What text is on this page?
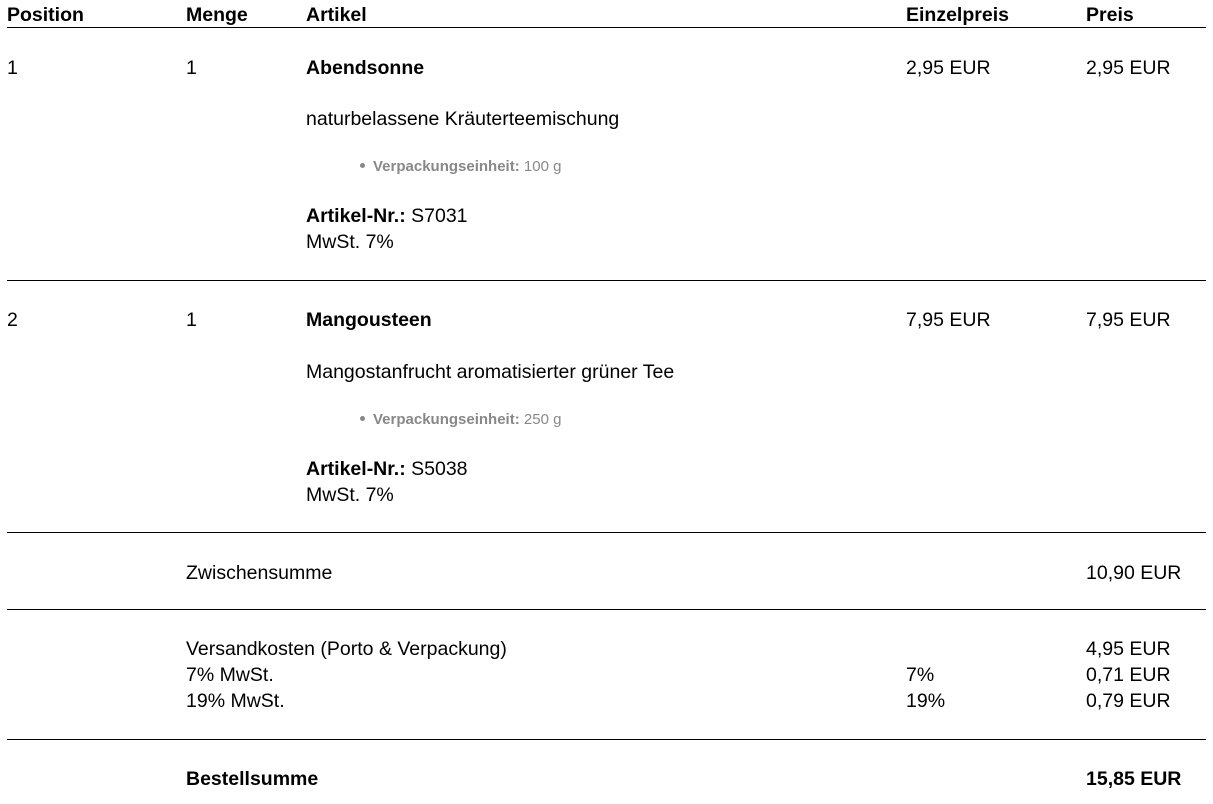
Position	Menge	Artikel	Einzelpreis	Preis
1	1	Abendsonne	2,95 EUR	2,95 EUR
naturbelassene Kräuterteemischung
Verpackungseinheit: 100 g
Artikel-Nr.: S7031
MwSt. 7%
2	1	Mangousteen	7,95 EUR	7,95 EUR
Mangostanfrucht aromatisierter grüner Tee
Verpackungseinheit: 250 g
Artikel-Nr.: S5038
MwSt. 7%
Zwischensumme	10,90 EUR
Versandkosten (Porto & Verpackung)	4,95 EUR
7% MwSt.	7%	0,71 EUR
19% MwSt.	19%	0,79 EUR
Bestellsumme	15,85 EUR
